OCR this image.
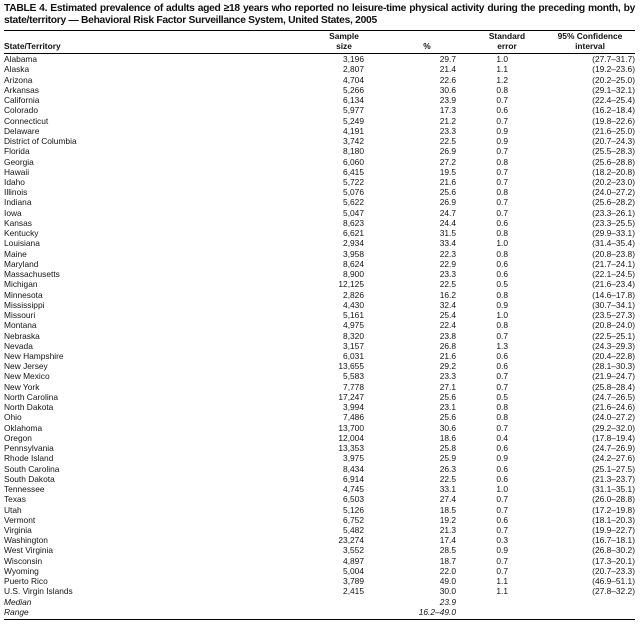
TABLE 4. Estimated prevalence of adults aged ≥18 years who reported no leisure-time physical activity during the preceding month, by state/territory — Behavioral Risk Factor Surveillance System, United States, 2005
State/Territory
Sample
size	%
Standard
error
95% Confidence
interval
Alabama	3,196	29.7	1.0	(27.7–31.7)
Alaska	2,807	21.4	1.1	(19.2–23.6)
Arizona	4,704	22.6	1.2	(20.2–25.0)
Arkansas	5,266	30.6	0.8	(29.1–32.1)
California	6,134	23.9	0.7	(22.4–25.4)
Colorado	5,977	17.3	0.6	(16.2–18.4)
Connecticut	5,249	21.2	0.7	(19.8–22.6)
Delaware	4,191	23.3	0.9	(21.6–25.0)
District of Columbia	3,742	22.5	0.9	(20.7–24.3)
Florida	8,180	26.9	0.7	(25.5–28.3)
Georgia	6,060	27.2	0.8	(25.6–28.8)
Hawaii	6,415	19.5	0.7	(18.2–20.8)
Idaho	5,722	21.6	0.7	(20.2–23.0)
Illinois	5,076	25.6	0.8	(24.0–27.2)
Indiana	5,622	26.9	0.7	(25.6–28.2)
Iowa	5,047	24.7	0.7	(23.3–26.1)
Kansas	8,623	24.4	0.6	(23.3–25.5)
Kentucky	6,621	31.5	0.8	(29.9–33.1)
Louisiana	2,934	33.4	1.0	(31.4–35.4)
Maine	3,958	22.3	0.8	(20.8–23.8)
Maryland	8,624	22.9	0.6	(21.7–24.1)
Massachusetts	8,900	23.3	0.6	(22.1–24.5)
Michigan	12,125	22.5	0.5	(21.6–23.4)
Minnesota	2,826	16.2	0.8	(14.6–17.8)
Mississippi	4,430	32.4	0.9	(30.7–34.1)
Missouri	5,161	25.4	1.0	(23.5–27.3)
Montana	4,975	22.4	0.8	(20.8–24.0)
Nebraska	8,320	23.8	0.7	(22.5–25.1)
Nevada	3,157	26.8	1.3	(24.3–29.3)
New Hampshire	6,031	21.6	0.6	(20.4–22.8)
New Jersey	13,655	29.2	0.6	(28.1–30.3)
New Mexico	5,583	23.3	0.7	(21.9–24.7)
New York	7,778	27.1	0.7	(25.8–28.4)
North Carolina	17,247	25.6	0.5	(24.7–26.5)
North Dakota	3,994	23.1	0.8	(21.6–24.6)
Ohio	7,486	25.6	0.8	(24.0–27.2)
Oklahoma	13,700	30.6	0.7	(29.2–32.0)
Oregon	12,004	18.6	0.4	(17.8–19.4)
Pennsylvania	13,353	25.8	0.6	(24.7–26.9)
Rhode Island	3,975	25.9	0.9	(24.2–27.6)
South Carolina	8,434	26.3	0.6	(25.1–27.5)
South Dakota	6,914	22.5	0.6	(21.3–23.7)
Tennessee	4,745	33.1	1.0	(31.1–35.1)
Texas	6,503	27.4	0.7	(26.0–28.8)
Utah	5,126	18.5	0.7	(17.2–19.8)
Vermont	6,752	19.2	0.6	(18.1–20.3)
Virginia	5,482	21.3	0.7	(19.9–22.7)
Washington	23,274	17.4	0.3	(16.7–18.1)
West Virginia	3,552	28.5	0.9	(26.8–30.2)
Wisconsin	4,897	18.7	0.7	(17.3–20.1)
Wyoming	5,004	22.0	0.7	(20.7–23.3)
Puerto Rico	3,789	49.0	1.1	(46.9–51.1)
U.S. Virgin Islands	2,415	30.0	1.1	(27.8–32.2)
Median		23.9		
Range		16.2–49.0		
